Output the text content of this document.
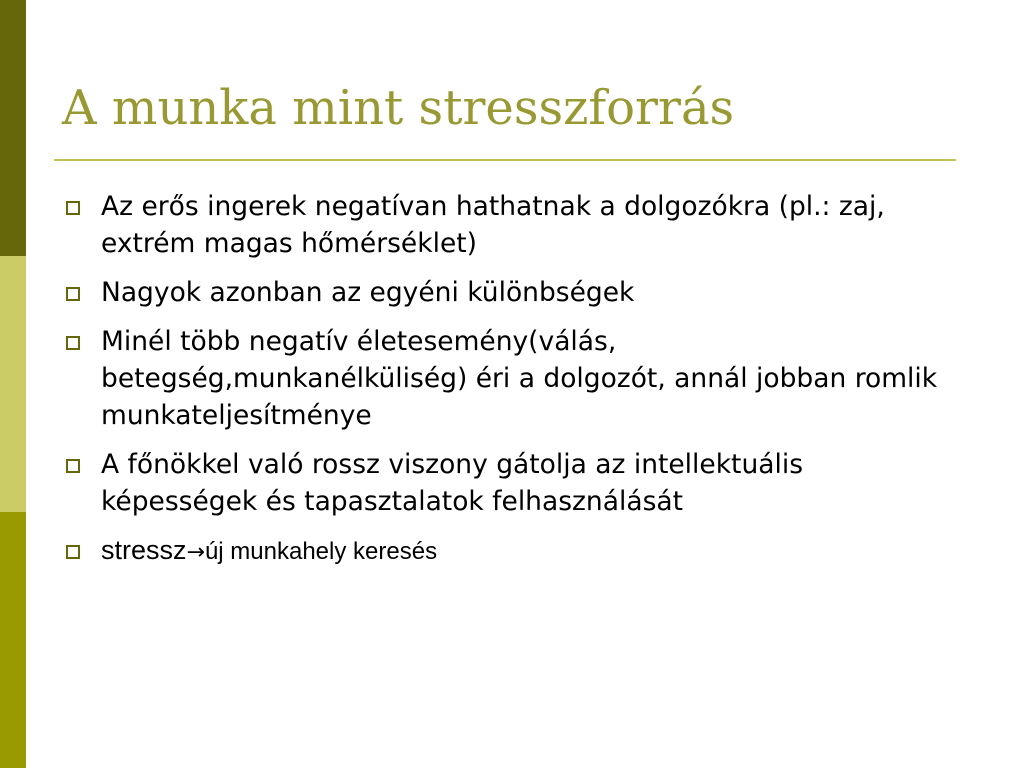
A munka mint stresszforrás
Az erős ingerek negatívan hathatnak a dolgozókra (pl.: zaj, extrém magas hőmérséklet)
Nagyok azonban az egyéni különbségek
Minél több negatív életesemény(válás, betegség,munkanélküliség) éri a dolgozót, annál jobban romlik munkateljesítménye
A főnökkel való rossz viszony gátolja az intellektuális képességek és tapasztalatok felhasználását
stressz→új munkahely keresés
